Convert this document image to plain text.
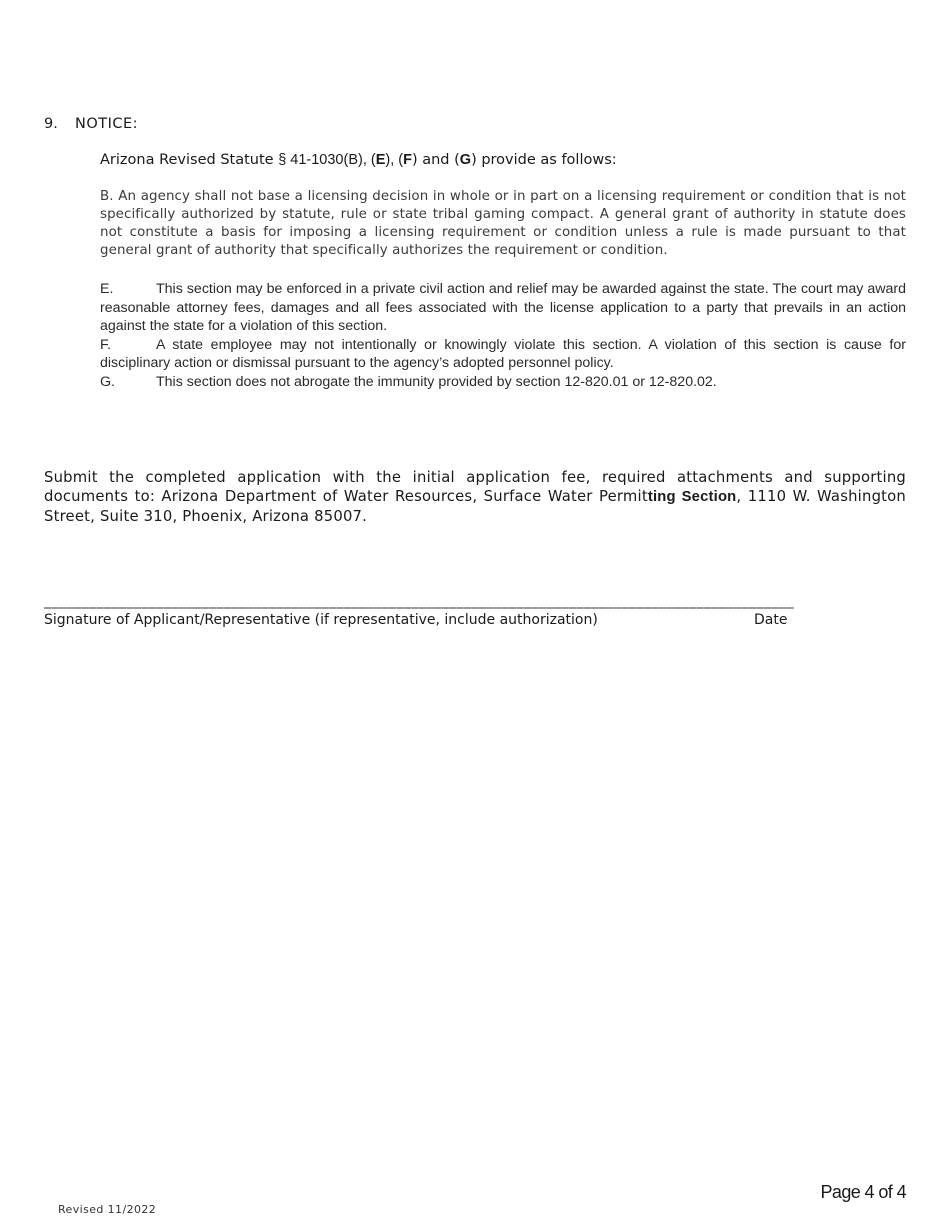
9. NOTICE:
Arizona Revised Statute § 41-1030(B), (E), (F) and (G) provide as follows:
B. An agency shall not base a licensing decision in whole or in part on a licensing requirement or condition that is not specifically authorized by statute, rule or state tribal gaming compact. A general grant of authority in statute does not constitute a basis for imposing a licensing requirement or condition unless a rule is made pursuant to that general grant of authority that specifically authorizes the requirement or condition.
E.	This section may be enforced in a private civil action and relief may be awarded against the state. The court may award reasonable attorney fees, damages and all fees associated with the license application to a party that prevails in an action against the state for a violation of this section.
F.	A state employee may not intentionally or knowingly violate this section. A violation of this section is cause for disciplinary action or dismissal pursuant to the agency’s adopted personnel policy.
G.	This section does not abrogate the immunity provided by section 12-820.01 or 12-820.02.
Submit the completed application with the initial application fee, required attachments and supporting documents to: Arizona Department of Water Resources, Surface Water Permitting Section, 1110 W. Washington Street, Suite 310, Phoenix, Arizona 85007.
____________________________________________________________________________________________________
Signature of Applicant/Representative (if representative, include authorization)	Date
Page 4 of 4
Revised 11/2022
